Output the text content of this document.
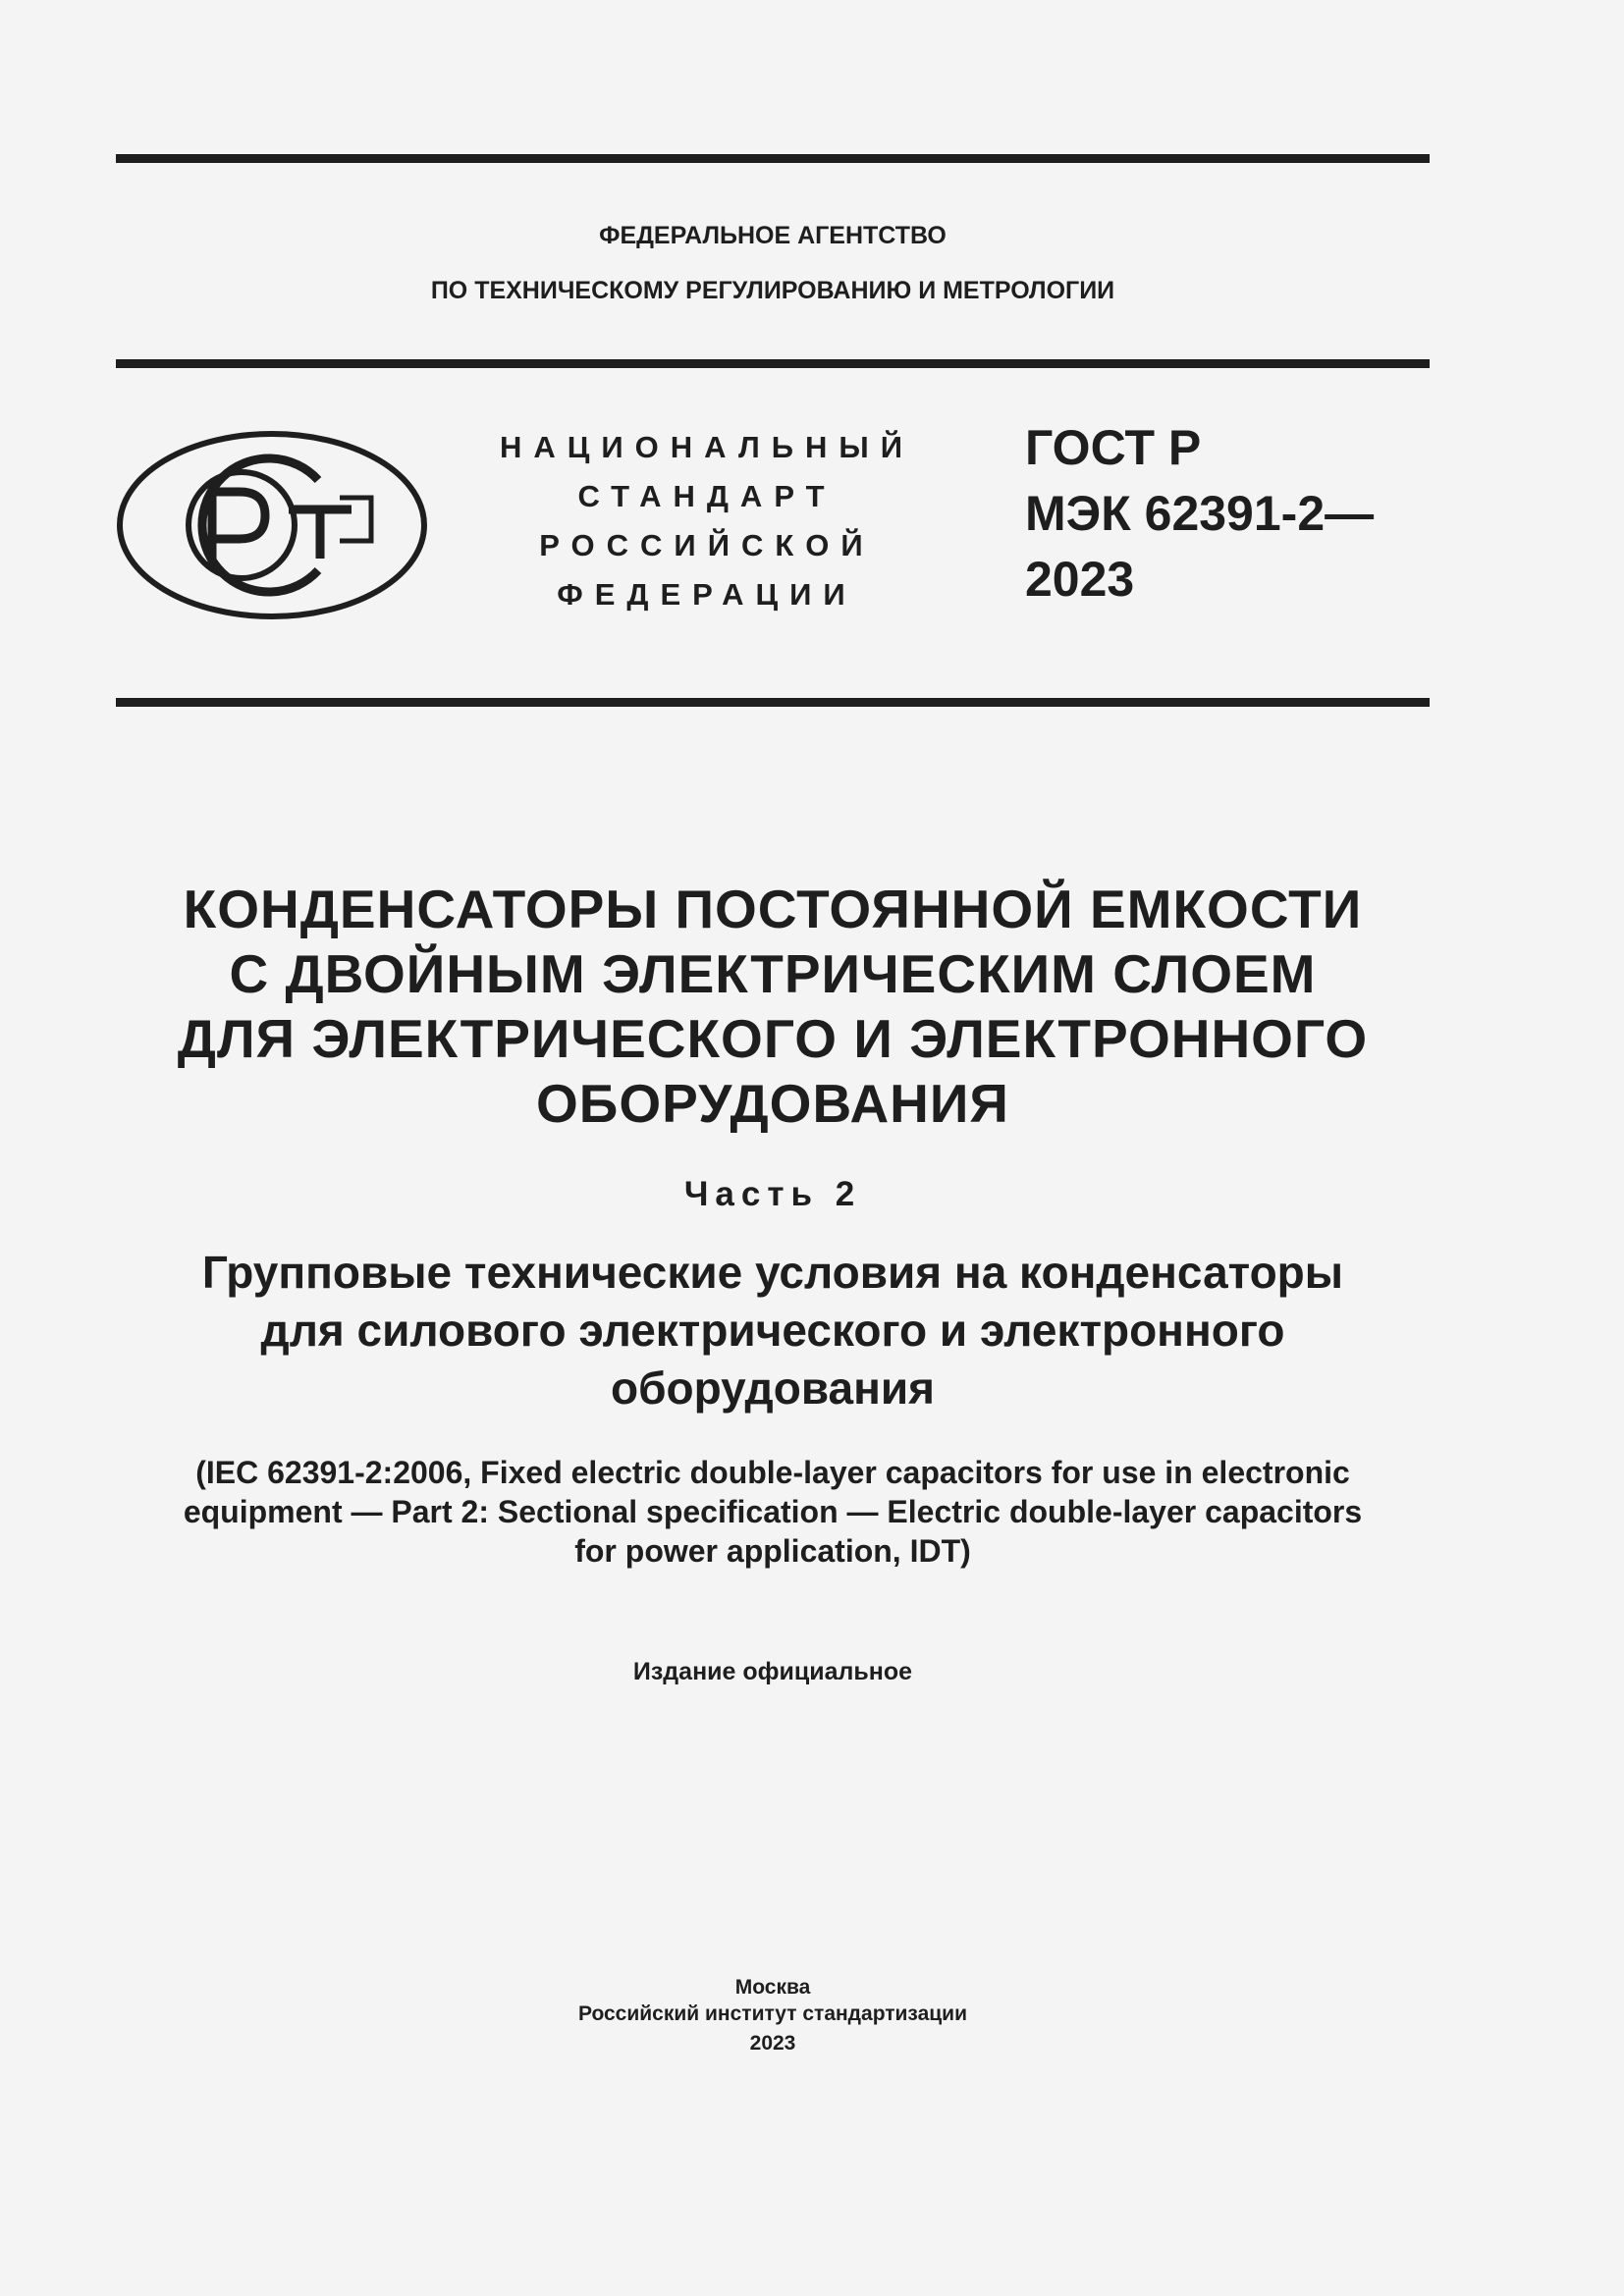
ФЕДЕРАЛЬНОЕ АГЕНТСТВО
ПО ТЕХНИЧЕСКОМУ РЕГУЛИРОВАНИЮ И МЕТРОЛОГИИ
НАЦИОНАЛЬНЫЙ
СТАНДАРТ
РОССИЙСКОЙ
ФЕДЕРАЦИИ
ГОСТ Р
МЭК 62391-2—
2023
КОНДЕНСАТОРЫ ПОСТОЯННОЙ ЕМКОСТИ
С ДВОЙНЫМ ЭЛЕКТРИЧЕСКИМ СЛОЕМ
ДЛЯ ЭЛЕКТРИЧЕСКОГО И ЭЛЕКТРОННОГО
ОБОРУДОВАНИЯ
Часть 2
Групповые технические условия на конденсаторы
для силового электрического и электронного
оборудования
(IEC 62391-2:2006, Fixed electric double-layer capacitors for use in electronic
equipment — Part 2: Sectional specification — Electric double-layer capacitors
for power application, IDT)
Издание официальное
Москва
Российский институт стандартизации
2023
